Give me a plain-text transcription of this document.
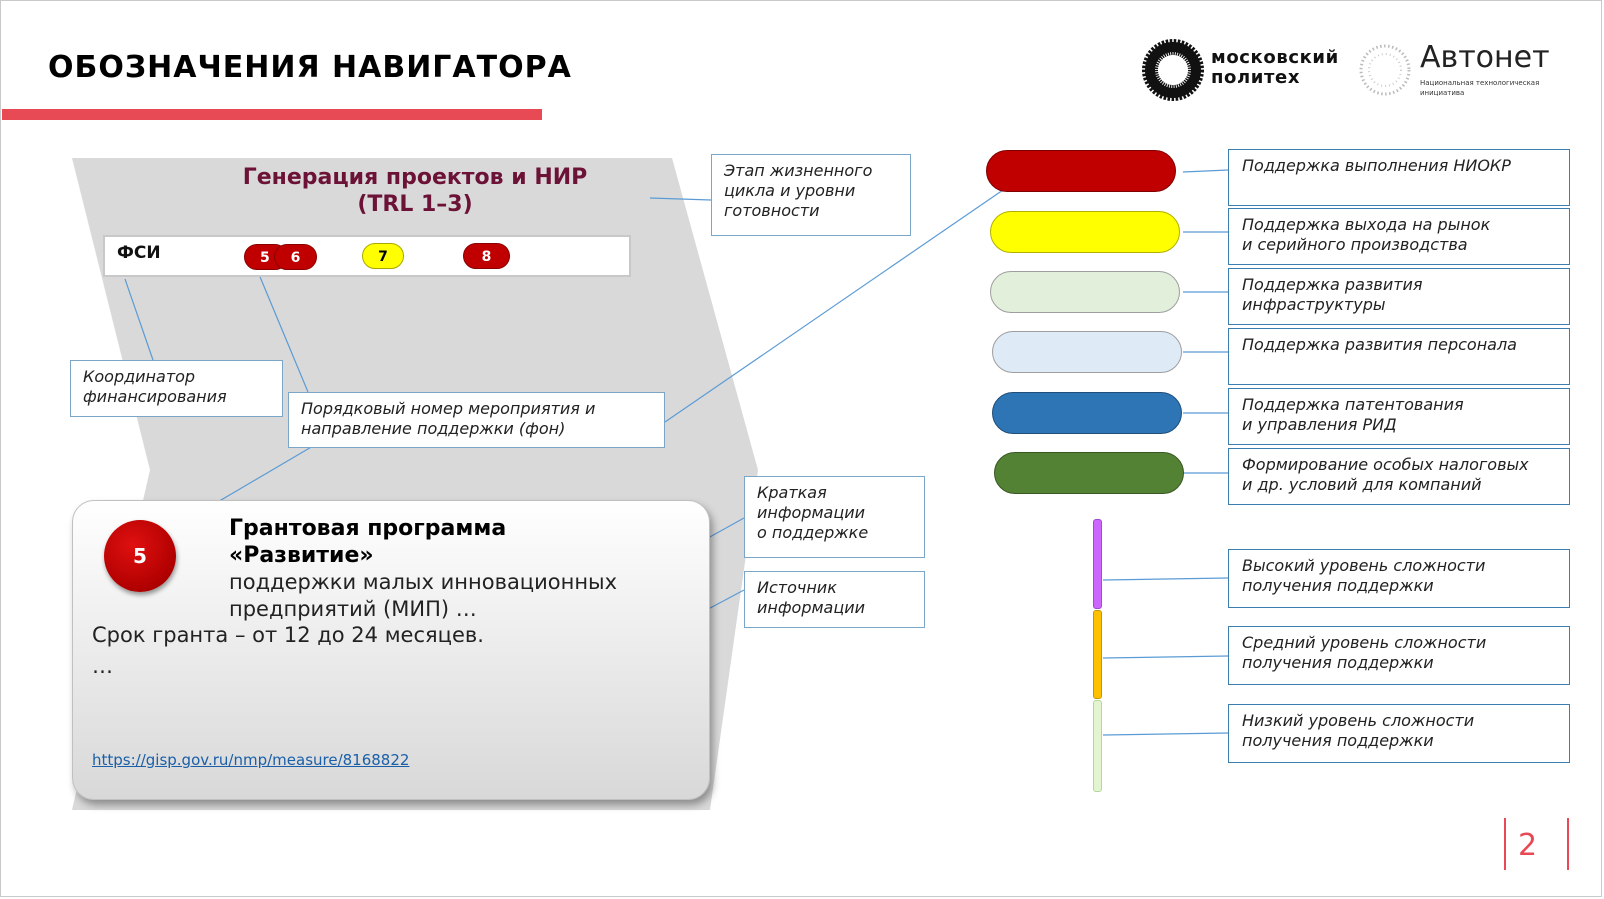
ОБОЗНАЧЕНИЯ НАВИГАТОРА	московский
политех
Автонет
Национальная технологическая
инициатива
Генерация проектов и НИР
(TRL 1–3)
ФСИ	5	6	7	8
Этап жизненного
цикла и уровни
готовности
Координатор
финансирования
Порядковый номер мероприятия и
направление поддержки (фон)
Краткая
информации
о поддержке
Источник
информации
5
Грантовая программа
«Развитие»
поддержки малых инновационных
предприятий (МИП) …
Срок гранта – от 12 до 24 месяцев.
…
https://gisp.gov.ru/nmp/measure/8168822
Поддержка выполнения НИОКР
Поддержка выхода на рынок
и серийного производства
Поддержка развития
инфраструктуры
Поддержка развития персонала
Поддержка патентования
и управления РИД
Формирование особых налоговых
и др. условий для компаний
Высокий уровень сложности
получения поддержки
Средний уровень сложности
получения поддержки
Низкий уровень сложности
получения поддержки
2
